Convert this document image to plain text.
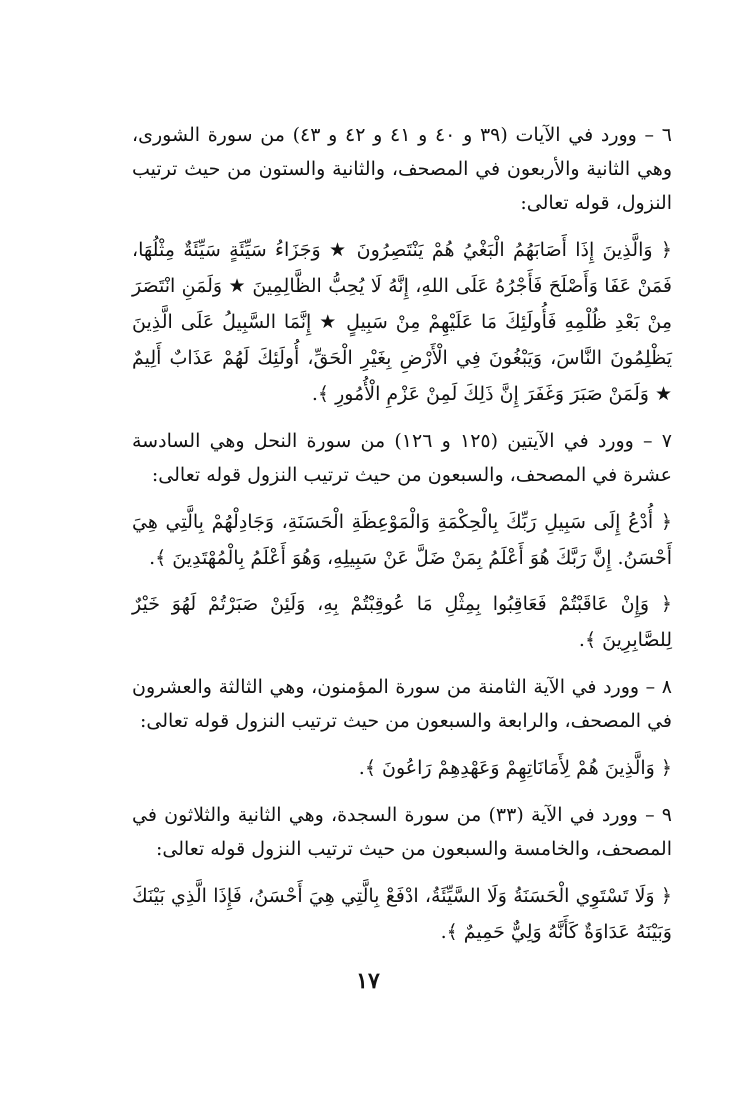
٦ – وورد في الآيات (٣٩ و ٤٠ و ٤١ و ٤٢ و ٤٣) من سورة الشورى، وهي الثانية والأربعون في المصحف، والثانية والستون من حيث ترتيب النزول، قوله تعالى:

﴿ وَالَّذِينَ إِذَا أَصَابَهُمُ الْبَغْيُ هُمْ يَنْتَصِرُونَ ★ وَجَزَاءُ سَيِّئَةٍ سَيِّئَةٌ مِثْلُهَا، فَمَنْ عَفَا وَأَصْلَحَ فَأَجْرُهُ عَلَى اللهِ، إِنَّهُ لَا يُحِبُّ الظَّالِمِينَ ★ وَلَمَنِ انْتَصَرَ مِنْ بَعْدِ ظُلْمِهِ فَأُولَئِكَ مَا عَلَيْهِمْ مِنْ سَبِيلٍ ★ إِنَّمَا السَّبِيلُ عَلَى الَّذِينَ يَظْلِمُونَ النَّاسَ، وَيَبْغُونَ فِي الْأَرْضِ بِغَيْرِ الْحَقِّ، أُولَئِكَ لَهُمْ عَذَابٌ أَلِيمٌ ★ وَلَمَنْ صَبَرَ وَغَفَرَ إِنَّ ذَلِكَ لَمِنْ عَزْمِ الْأُمُورِ ﴾.

٧ – وورد في الآيتين (١٢٥ و ١٢٦) من سورة النحل وهي السادسة عشرة في المصحف، والسبعون من حيث ترتيب النزول قوله تعالى:

﴿ أُدْعُ إِلَى سَبِيلِ رَبِّكَ بِالْحِكْمَةِ وَالْمَوْعِظَةِ الْحَسَنَةِ، وَجَادِلْهُمْ بِالَّتِي هِيَ أَحْسَنُ. إِنَّ رَبَّكَ هُوَ أَعْلَمُ بِمَنْ ضَلَّ عَنْ سَبِيلِهِ، وَهُوَ أَعْلَمُ بِالْمُهْتَدِينَ ﴾.

﴿ وَإِنْ عَاقَبْتُمْ فَعَاقِبُوا بِمِثْلِ مَا عُوقِبْتُمْ بِهِ، وَلَئِنْ صَبَرْتُمْ لَهُوَ خَيْرٌ لِلصَّابِرِينَ ﴾.

٨ – وورد في الآية الثامنة من سورة المؤمنون، وهي الثالثة والعشرون في المصحف، والرابعة والسبعون من حيث ترتيب النزول قوله تعالى:

﴿ وَالَّذِينَ هُمْ لِأَمَانَاتِهِمْ وَعَهْدِهِمْ رَاعُونَ ﴾.

٩ – وورد في الآية (٣٣) من سورة السجدة، وهي الثانية والثلاثون في المصحف، والخامسة والسبعون من حيث ترتيب النزول قوله تعالى:

﴿ وَلَا تَسْتَوِي الْحَسَنَةُ وَلَا السَّيِّئَةُ، ادْفَعْ بِالَّتِي هِيَ أَحْسَنُ، فَإِذَا الَّذِي بَيْنَكَ وَبَيْنَهُ عَدَاوَةٌ كَأَنَّهُ وَلِيٌّ حَمِيمٌ ﴾.

١٧
